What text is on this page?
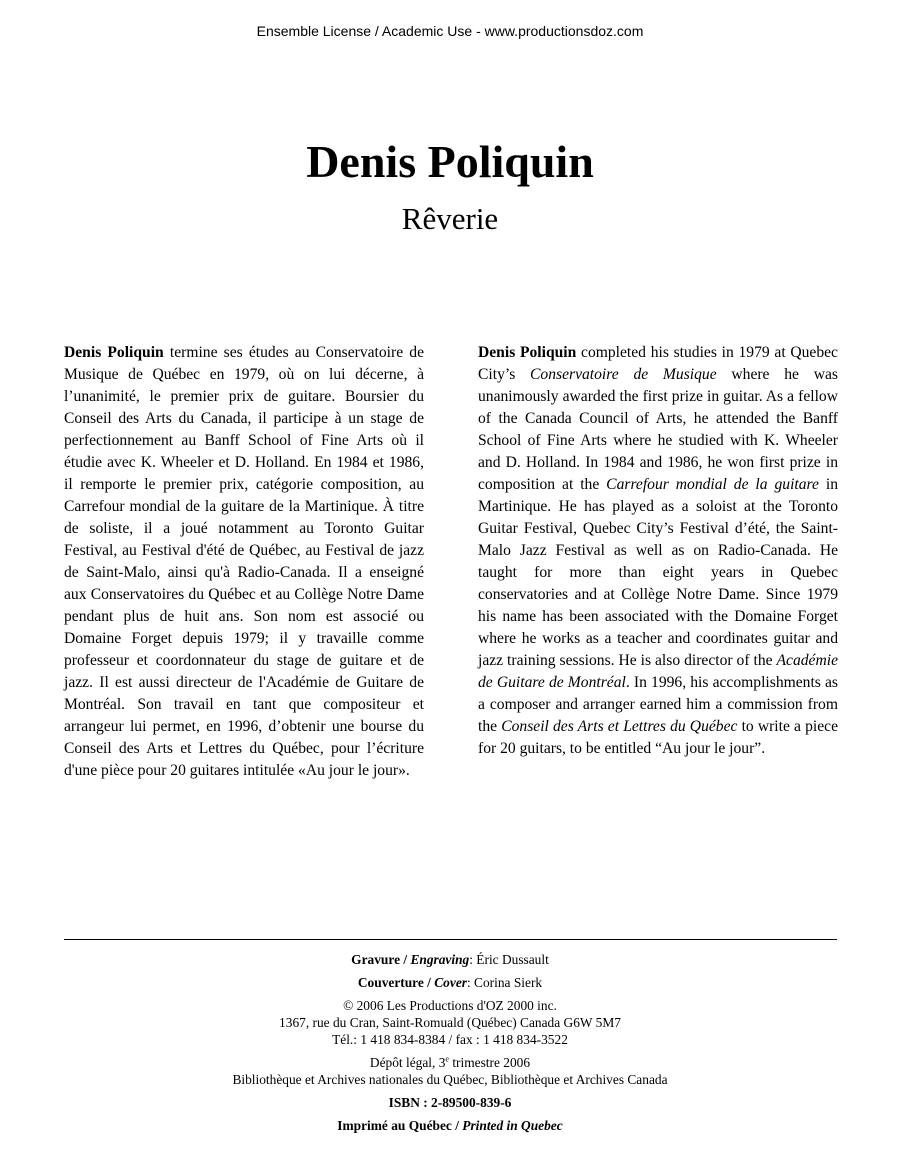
Ensemble License / Academic Use - www.productionsdoz.com
Denis Poliquin
Rêverie
Denis Poliquin termine ses études au Conservatoire de Musique de Québec en 1979, où on lui décerne, à l’unanimité, le premier prix de guitare. Boursier du Conseil des Arts du Canada, il participe à un stage de perfectionnement au Banff School of Fine Arts où il étudie avec K. Wheeler et D. Holland. En 1984 et 1986, il remporte le premier prix, catégorie composition, au Carrefour mondial de la guitare de la Martinique. À titre de soliste, il a joué notamment au Toronto Guitar Festival, au Festival d'été de Québec, au Festival de jazz de Saint-Malo, ainsi qu'à Radio-Canada. Il a enseigné aux Conservatoires du Québec et au Collège Notre Dame pendant plus de huit ans. Son nom est associé ou Domaine Forget depuis 1979; il y travaille comme professeur et coordonnateur du stage de guitare et de jazz. Il est aussi directeur de l'Académie de Guitare de Montréal. Son travail en tant que compositeur et arrangeur lui permet, en 1996, d’obtenir une bourse du Conseil des Arts et Lettres du Québec, pour l’écriture d'une pièce pour 20 guitares intitulée «Au jour le jour».
Denis Poliquin completed his studies in 1979 at Quebec City’s Conservatoire de Musique where he was unanimously awarded the first prize in guitar. As a fellow of the Canada Council of Arts, he attended the Banff School of Fine Arts where he studied with K. Wheeler and D. Holland. In 1984 and 1986, he won first prize in composition at the Carrefour mondial de la guitare in Martinique. He has played as a soloist at the Toronto Guitar Festival, Quebec City’s Festival d’été, the Saint-Malo Jazz Festival as well as on Radio-Canada. He taught for more than eight years in Quebec conservatories and at Collège Notre Dame. Since 1979 his name has been associated with the Domaine Forget where he works as a teacher and coordinates guitar and jazz training sessions. He is also director of the Académie de Guitare de Montréal. In 1996, his accomplishments as a composer and arranger earned him a commission from the Conseil des Arts et Lettres du Québec to write a piece for 20 guitars, to be entitled “Au jour le jour”.
Gravure / Engraving: Éric Dussault
Couverture / Cover: Corina Sierk
© 2006 Les Productions d'OZ 2000 inc.
1367, rue du Cran, Saint-Romuald (Québec) Canada G6W 5M7
Tél.: 1 418 834-8384 / fax : 1 418 834-3522
Dépôt légal, 3e trimestre 2006
Bibliothèque et Archives nationales du Québec, Bibliothèque et Archives Canada
ISBN : 2-89500-839-6
Imprimé au Québec / Printed in Quebec
